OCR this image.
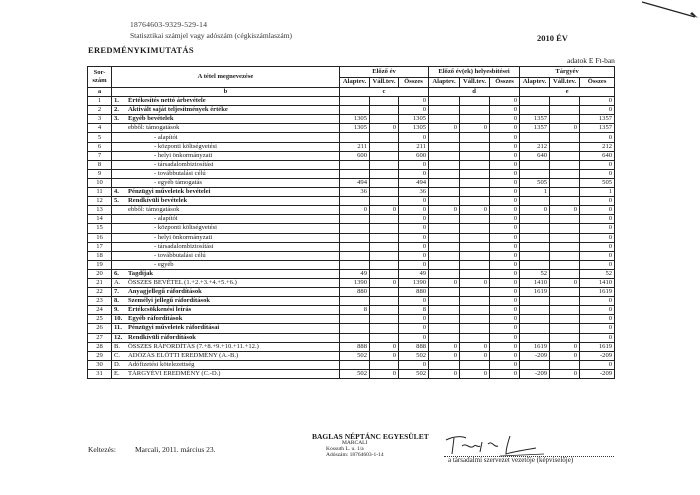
18764603-9329-529-14
Statisztikai számjel vagy adószám (cégkiszámlaszám)	2010 ÉV
EREDMÉNYKIMUTATÁS
adatok E Ft-ban
Sor-szám	A tétel megnevezése	Előző év			Előző év(ek) helyesbítései			Tárgyév		
		Alaptev.	Váll.tev.	Összes	Alaptev.	Váll.tev.	Összes	Alaptev.	Váll.tev.	Összes
a	b	c			d			e		
1	1. Értékesítés nettó árbevétele			0			0			0
2	2. Aktivált saját teljesítmények értéke			0			0			0
3	3. Egyéb bevételek	1305		1305			0	1357		1357
4	ebből: támogatások	1305	0	1305	0	0	0	1357	0	1357
5	- alapítói			0			0			0
6	- központi költségvetési	211		211			0	212		212
7	- helyi önkormányzati	600		600			0	640		640
8	- társadalombiztosítási			0			0			0
9	- továbbutalási célú			0			0			0
10	- egyéb támogatás	494		494			0	505		505
11	4. Pénzügyi műveletek bevételei	36		36			0	1		1
12	5. Rendkívüli bevételek			0			0			0
13	ebből: támogatások	0	0	0	0	0	0	0	0	0
14	- alapítói			0			0			0
15	- központi költségvetési			0			0			0
16	- helyi önkormányzati			0			0			0
17	- társadalombiztosítási			0			0			0
18	- továbbutalási célú			0			0			0
19	- egyéb			0			0			0
20	6. Tagdíjak	49		49			0	52		52
21	A. ÖSSZES BEVÉTEL (1.+2.+3.+4.+5.+6.)	1390	0	1390	0	0	0	1410	0	1410
22	7. Anyagjellegű ráfordítások	880		880			0	1619		1619
23	8. Személyi jellegű ráfordítások			0			0			0
24	9. Értékcsökkenési leírás	8		8			0			0
25	10. Egyéb ráfordítások			0			0			0
26	11. Pénzügyi műveletek ráfordításai			0			0			0
27	12. Rendkívüli ráfordítások			0			0			0
28	B. ÖSSZES RÁFORDÍTÁS (7.+8.+9.+10.+11.+12.)	888	0	888	0	0	0	1619	0	1619
29	C. ADÓZÁS ELŐTTI EREDMÉNY (A.-B.)	502	0	502	0	0	0	-209	0	-209
30	D. Adófizetési kötelezettség			0			0			0
31	E. TÁRGYÉVI EREDMÉNY (C.-D.)	502	0	502	0	0	0	-209	0	-209
Keltezés:	Marcali, 2011. március 23.
BAGLAS NÉPTÁNC EGYESÜLET
MARCALI
Kossuth L. u. 1/a
Adószám: 18764603-1-14
a társadalmi szervezet vezetője (képviselője)
